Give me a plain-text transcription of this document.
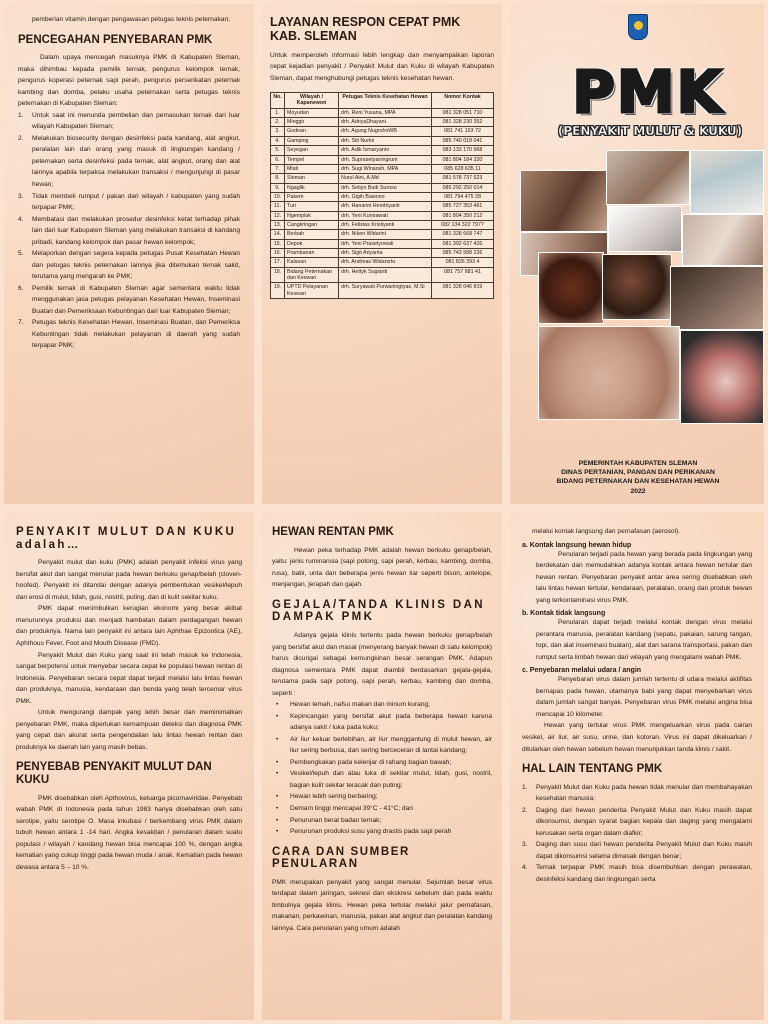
pemberian vitamin dengan pengawasan petugas teknis peternakan;

PENCEGAHAN PENYEBARAN PMK

Dalam upaya mencegah masuknya PMK di Kabupaten Sleman, maka dihimbau kepada pemilik ternak, pengurus kelompok ternak, pengurus koperasi peternak sapi perah, pengurus perserikatan peternak kambing dan domba, pelaku usaha peternakan serta petugas teknis peternakan di Kabupaten Sleman:

1. Untuk saat ini menunda pembelian dan pemasukan ternak dari luar wilayah Kabupaten Sleman;
2. Melakukan biosecurity dengan desinfeksi pada kandang, alat angkut, peralatan lain dan orang yang masuk di lingkungan kandang / peternakan serta desinfeksi pada ternak, alat angkut, orang dan alat lainnya apabila terpaksa melakukan transaksi / mengunjungi di pasar hewan;
3. Tidak membeli rumput / pakan dari wilayah / kabupaten yang sudah terpapar PMK;
4. Membatasi dan melakukan prosedur desinfeksi ketat terhadap pihak lain dari luar Kabupaten Sleman yang melakukan transaksi di kandang pribadi, kandang kelompok dan pasar hewan kelompok;
5. Melaporkan dengan segera kepada petugas Pusat Kesehatan Hewan dan petugas teknis peternakan lainnya jika ditemukan ternak sakit, terutama yang mengarah ke PMK;
6. Pemilik ternak di Kabupaten Sleman agar sementara waktu tidak menggunakan jasa petugas pelayanan Kesehatan Hewan, Inseminasi Buatan dan Pemeriksaan Kebuntingan dari luar Kabupaten Sleman;
7. Petugas teknis Kesehatan Hewan, Inseminasi Buatan, dan Pemeriksa Kebuntingan tidak melakukan pelayanan di daerah yang sudah terpapar PMK;
LAYANAN RESPON CEPAT PMK KAB. SLEMAN

Untuk memperoleh informasi lebih lengkap dan menyampaikan laporan cepat kejadian penyakit / Penyakit Mulut dan Kuku di wilayah Kabupaten Sleman, dapat menghubungi petugas teknis kesehatan hewan.

No.	Wilayah / Kapanewon	Petugas Teknis Kesehatan Hewan	Nomor Kontak
1.	Moyudan	drh. Reni Yusana, MPA	081 328 051 710
2.	Minggir	drh. AdriyaDhayani	081 328 230 352
3.	Godean	drh. Agung NugrohoWB	081 741 153 72
4.	Gamping	drh. Siti Nurini	085 740 018 041
5.	Seyegan	drh. Adik Ismaryanto	083 133 170 968
6.	Tempel	drh. Suprasetyaningrum	081 804 184 320
7.	Mlati	drh. Sugi Winarsih, MPA	085 628 635 11
8.	Sleman	Nurul Aini, A.Md	081 578 737 523
9.	Ngaglik	drh. Setiyo Budi Suroso	085 292 250 014
10.	Pakem	drh. Gigih Bawono	081 794 475 28
11.	Turi	drh. Hanarini Hendriyanti	085 727 353 461
12.	Ngemplak	drh. Yeni Kurniawati	081 804 350 212
13.	Cangkringan	drh. Felistas Kristiyanti	082 134 322 797?
14.	Berbah	drh. Niken Widarini	081 328 668 747
15.	Depok	drh. Yeni Prasetyowati	081 392 637 426
16.	Prambanan	drh. Sigit Ariyanta	085 743 588 226
17.	Kalasan	drh. Andreas Widarsrto	081 826 393 4
18.	Bidang Peternakan dan Keswan	drh. Hettyk Sugianti	081 757 681 41
19.	UPTD Pelayanan Keswan	drh. Suryawati Purwaningtyas, M.Si	081 328 046 819
PMK
(PENYAKIT MULUT & KUKU)
PEMERINTAH KABUPATEN SLEMAN
DINAS PERTANIAN, PANGAN DAN PERIKANAN
BIDANG PETERNAKAN DAN KESEHATAN HEWAN
2022
PENYAKIT MULUT DAN KUKU adalah…

Penyakit mulut dan kuku (PMK) adalah penyakit infeksi virus yang bersifat akut dan sangat menular pada hewan berkuku genap/belah (cloven-hoofed). Penyakit ini ditandai dengan adanya pembentukan vesikel/lepuh dan erosi di mulut, lidah, gusi, nostril, puting, dan di kulit sekitar kuku.

PMK dapat menimbulkan kerugian ekonomi yang besar akibat menurunnya produksi dan menjadi hambatan dalam perdagangan hewan dan produknya. Nama lain penyakit ini antara lain Aphthae Epizootica (AE), Aphthous Fever, Foot and Mouth Disease (FMD).

Penyakit Mulut dan Kuku yang saat ini telah masuk ke Indonesia, sangat berpotensi untuk menyebar secara cepat ke populasi hewan rentan di Indonesia. Penyebaran secara cepat dapat terjadi melalui lalu lintas hewan dan produknya, manusia, kendaraan dan benda yang telah tercemar virus PMK.

Untuk mengurangi dampak yang lebih besar dan meminimalkan penyebaran PMK, maka diperlukan kemampuan deteksi dan diagnosa PMK yang cepat dan akurat serta pengendalian lalu lintas hewan rentan dan produknya ke daerah lain yang masih bebas.

PENYEBAB PENYAKIT MULUT DAN KUKU

PMK disebabkan oleh Apthovirus, keluarga picornaviridae. Penyebab wabah PMK di Indonesia pada tahun 1983 hanya disebabkan oleh satu serotipe, yaitu serotipe O. Masa inkubasi / berkembang virus PMK dalam tubuh hewan antara 1 -14 hari. Angka kesakitan / penularan dalam suatu populasi / wilayah / kandang hewan bisa mencapai 100 %, dengan angka kematian yang cukup tinggi pada hewan muda / anak. Kematian pada hewan dewasa antara 5 – 10 %.

HEWAN RENTAN PMK

Hewan peka terhadap PMK adalah hewan berkuku genap/belah, yaitu: jenis ruminansia (sapi potong, sapi perah, kerbau, kambing, domba, rusa), babi, unta dan beberapa jenis hewan liar seperti bison, antelope, menjangan, jerapah dan gajah.

GEJALA/TANDA KLINIS DAN DAMPAK PMK

Adanya gejala klinis tertentu pada hewan berkuku genap/belah yang bersifat akut dan masal (menyerang banyak hewan di satu kelompok) harus dicurigai sebagai kemungkinan besar serangan PMK. Adapun diagnosa sementara PMK dapat diambil berdasarkan gejala-gejala, terutama pada sapi potong, sapi perah, kerbau, kambing dan domba, seperti :

• Hewan lemah, nafsu makan dan minum kurang;
• Kepincangan yang bersifat akut pada beberapa hewan karena adanya sakit / luka pada kuku;
• Air liur keluar berlebihan, air liur menggantung di mulut hewan, air liur sering berbusa, dan sering berceceran di lantai kandang;
• Pembengkakan pada kelenjar di rahang bagian bawah;
• Vesikel/lepuh dan atau luka di sekitar mulut, lidah, gusi, nostril, bagian kulit sekitar teracak dan puting;
• Hewan lebih sering berbaring;
• Demam tinggi mencapai 39°C - 41°C; dan
• Penurunan berat badan ternak;
• Penurunan produksi susu yang drastis pada sapi perah
CARA DAN SUMBER PENULARAN

PMK merupakan penyakit yang sangat menular. Sejumlah besar virus terdapat dalam jaringan, sekresi dan ekskresi sebelum dan pada waktu timbulnya gejala klinis. Hewan peka tertular melalui jalur pernafasan, makanan, perkawinan, manusia, pakan alat angkut dan peralatan kandang lainnya. Cara penularan yang umum adalah

melalui kontak langsung dan pernafasan (aerosol).

a. Kontak langsung hewan hidup

Penularan terjadi pada hewan yang berada pada lingkungan yang berdekatan dan memudahkan adanya kontak antara hewan tertular dan hewan rentan. Penyebaran penyakit antar area sering disebabkan oleh lalu lintas hewan tertular, kendaraan, peralatan, orang dan produk hewan yang terkontaminasi virus PMK.

b. Kontak tidak langsung

Penularan dapat terjadi melalui kontak dengan virus melalui perantara manusia, peralatan kandang (sepatu, pakaian, sarung tangan, topi, dan alat inseminasi buatan), alat dan sarana transportasi, pakan dan rumput serta limbah hewan dari wilayah yang mengalami wabah PMK.

c. Penyebaran melalui udara / angin

Penyebaran virus dalam jumlah tertentu di udara melalui aktifitas bernapas pada hewan, utamanya babi yang dapat menyebarkan virus dalam jumlah sangat banyak. Penyebaran virus PMK melalui angina bisa mencapai 10 kilometer.

Hewan yang tertular virus PMK mengeluarkan virus pada cairan vesikel, air liur, air susu, urine, dan kotoran. Virus ini dapat dikeluarkan / ditularkan oleh hewan sebelum hewan menunjukkan tanda klinis / sakit.

HAL LAIN TENTANG PMK
1. Penyakit Mulut dan Kuku pada hewan tidak menular dan membahayakan kesehatan manusia;
2. Daging dari hewan penderita Penyakit Mulut dan Kuku masih dapat dikonsumsi, dengan syarat bagian kepala dan daging yang mengalami kerusakan serta organ dalam diafkir;
3. Daging dan susu dari hewan penderita Penyakit Mulut dan Kuku masih dapat dikonsumsi selama dimasak dengan benar;
4. Ternak terpapar PMK masih bisa disembuhkan dengan perawatan, desinfeksi kandang dan lingkungan serta
